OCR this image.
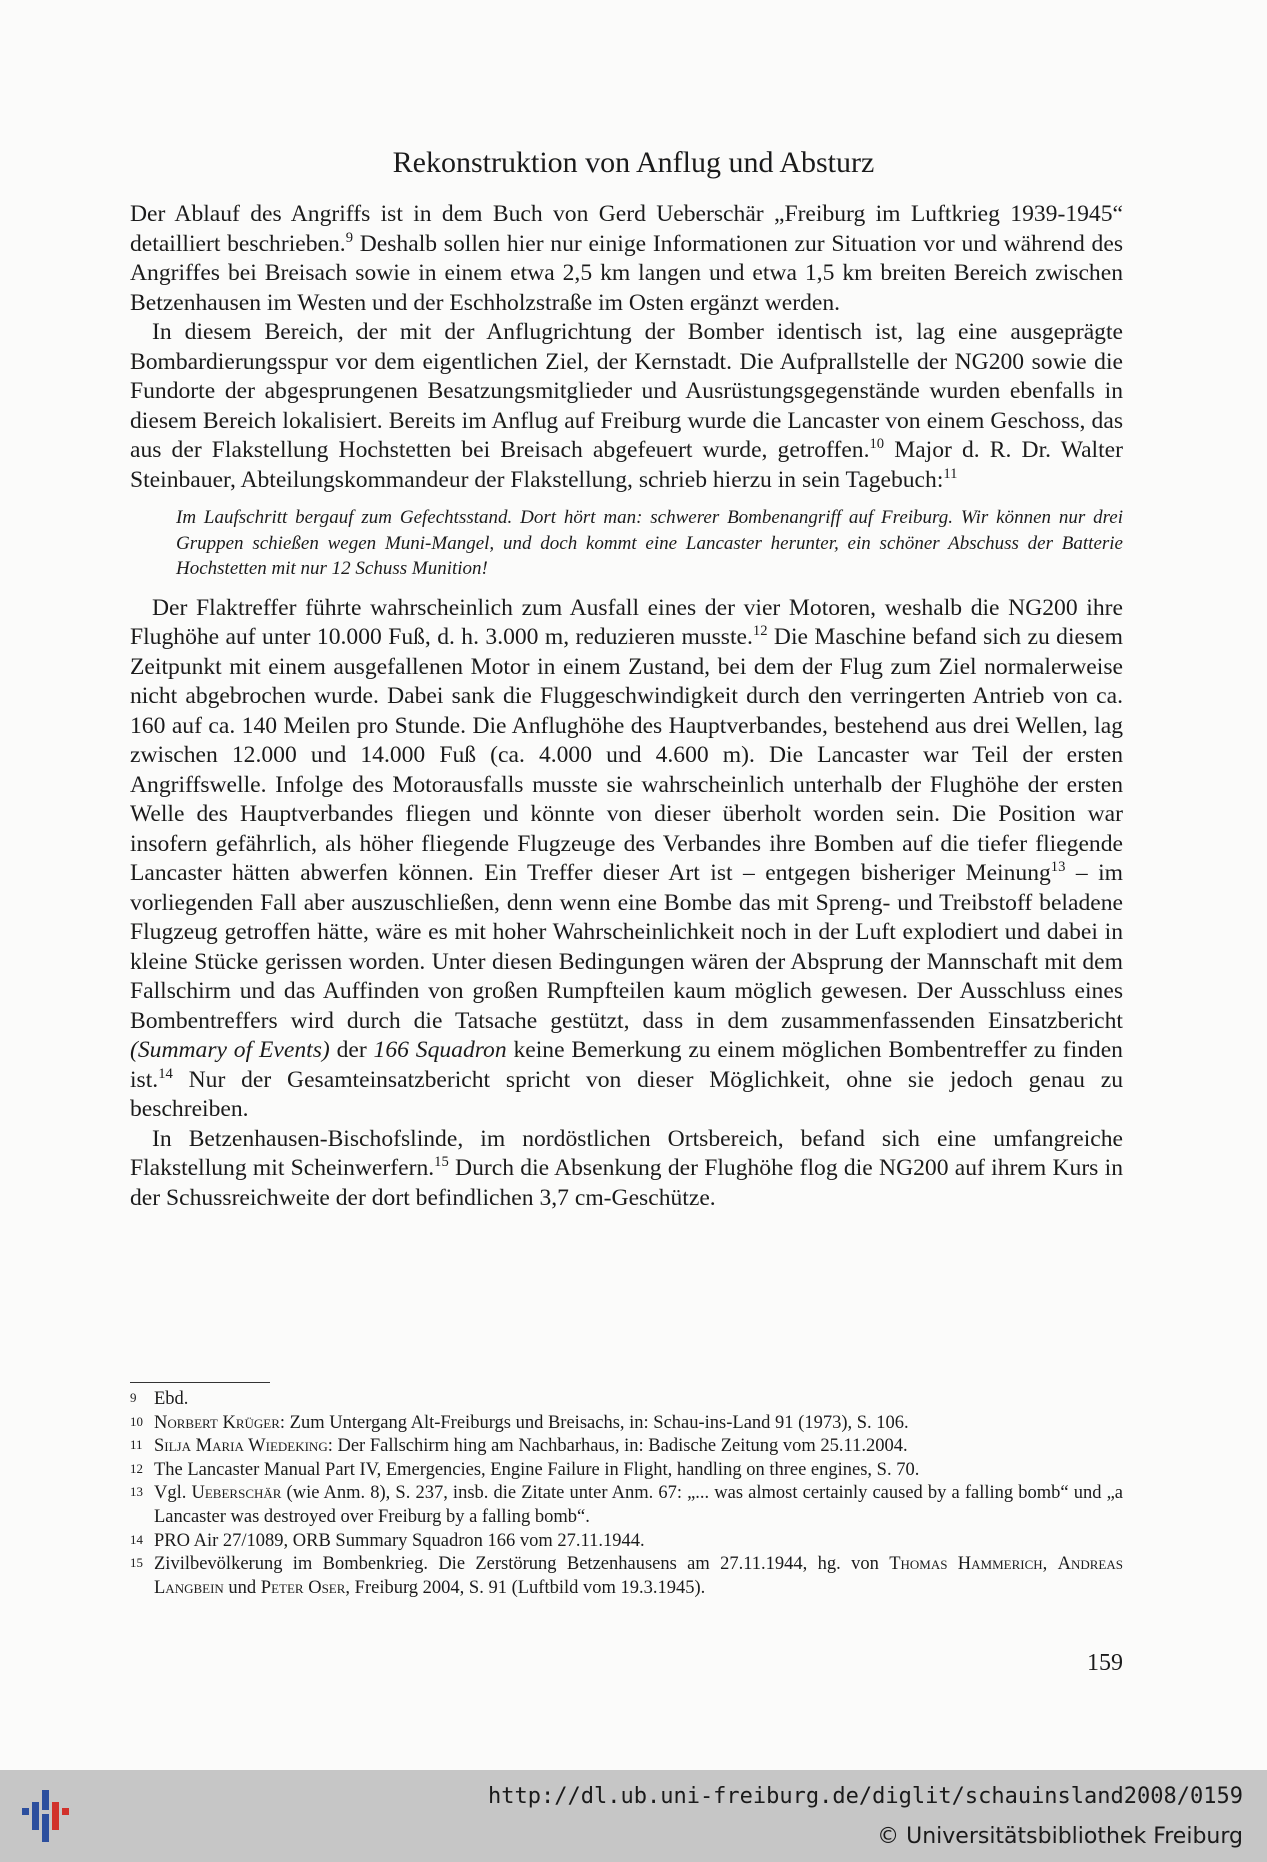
Rekonstruktion von Anflug und Absturz

Der Ablauf des Angriffs ist in dem Buch von Gerd Ueberschär „Freiburg im Luftkrieg 1939-1945“ detailliert beschrieben.$^9$ Deshalb sollen hier nur einige Informationen zur Situation vor und während des Angriffes bei Breisach sowie in einem etwa 2,5 km langen und etwa 1,5 km breiten Bereich zwischen Betzenhausen im Westen und der Eschholzstraße im Osten ergänzt werden.

In diesem Bereich, der mit der Anflugrichtung der Bomber identisch ist, lag eine ausgeprägte Bombardierungsspur vor dem eigentlichen Ziel, der Kernstadt. Die Aufprallstelle der NG200 sowie die Fundorte der abgesprungenen Besatzungsmitglieder und Ausrüstungsgegenstände wurden ebenfalls in diesem Bereich lokalisiert. Bereits im Anflug auf Freiburg wurde die Lancaster von einem Geschoss, das aus der Flakstellung Hochstetten bei Breisach abgefeuert wurde, getroffen.$^{10}$ Major d. R. Dr. Walter Steinbauer, Abteilungskommandeur der Flakstellung, schrieb hierzu in sein Tagebuch:$^{11}$

Im Laufschritt bergauf zum Gefechtsstand. Dort hört man: schwerer Bombenangriff auf Freiburg. Wir können nur drei Gruppen schießen wegen Muni-Mangel, und doch kommt eine Lancaster herunter, ein schöner Abschuss der Batterie Hochstetten mit nur 12 Schuss Munition!

Der Flaktreffer führte wahrscheinlich zum Ausfall eines der vier Motoren, weshalb die NG200 ihre Flughöhe auf unter 10.000 Fuß, d. h. 3.000 m, reduzieren musste.$^{12}$ Die Maschine befand sich zu diesem Zeitpunkt mit einem ausgefallenen Motor in einem Zustand, bei dem der Flug zum Ziel normalerweise nicht abgebrochen wurde. Dabei sank die Fluggeschwindigkeit durch den verringerten Antrieb von ca. 160 auf ca. 140 Meilen pro Stunde. Die Anflughöhe des Hauptverbandes, bestehend aus drei Wellen, lag zwischen 12.000 und 14.000 Fuß (ca. 4.000 und 4.600 m). Die Lancaster war Teil der ersten Angriffswelle. Infolge des Motorausfalls musste sie wahrscheinlich unterhalb der Flughöhe der ersten Welle des Hauptverbandes fliegen und könnte von dieser überholt worden sein. Die Position war insofern gefährlich, als höher fliegende Flugzeuge des Verbandes ihre Bomben auf die tiefer fliegende Lancaster hätten abwerfen können. Ein Treffer dieser Art ist – entgegen bisheriger Meinung$^{13}$ – im vorliegenden Fall aber auszuschließen, denn wenn eine Bombe das mit Spreng- und Treibstoff beladene Flugzeug getroffen hätte, wäre es mit hoher Wahrscheinlichkeit noch in der Luft explodiert und dabei in kleine Stücke gerissen worden. Unter diesen Bedingungen wären der Absprung der Mannschaft mit dem Fallschirm und das Auffinden von großen Rumpfteilen kaum möglich gewesen. Der Ausschluss eines Bombentreffers wird durch die Tatsache gestützt, dass in dem zusammenfassenden Einsatzbericht (Summary of Events) der 166 Squadron keine Bemerkung zu einem möglichen Bombentreffer zu finden ist.$^{14}$ Nur der Gesamteinsatzbericht spricht von dieser Möglichkeit, ohne sie jedoch genau zu beschreiben.

In Betzenhausen-Bischofslinde, im nordöstlichen Ortsbereich, befand sich eine umfangreiche Flakstellung mit Scheinwerfern.$^{15}$ Durch die Absenkung der Flughöhe flog die NG200 auf ihrem Kurs in der Schussreichweite der dort befindlichen 3,7 cm-Geschütze.

9 Ebd.
10 Norbert Krüger: Zum Untergang Alt-Freiburgs und Breisachs, in: Schau-ins-Land 91 (1973), S. 106.
11 Silja Maria Wiedeking: Der Fallschirm hing am Nachbarhaus, in: Badische Zeitung vom 25.11.2004.
12 The Lancaster Manual Part IV, Emergencies, Engine Failure in Flight, handling on three engines, S. 70.
13 Vgl. Ueberschär (wie Anm. 8), S. 237, insb. die Zitate unter Anm. 67: „... was almost certainly caused by a falling bomb“ und „a Lancaster was destroyed over Freiburg by a falling bomb“.
14 PRO Air 27/1089, ORB Summary Squadron 166 vom 27.11.1944.
15 Zivilbevölkerung im Bombenkrieg. Die Zerstörung Betzenhausens am 27.11.1944, hg. von Thomas Hammerich, Andreas Langbein und Peter Oser, Freiburg 2004, S. 91 (Luftbild vom 19.3.1945).
159
http://dl.ub.uni-freiburg.de/diglit/schauinsland2008/0159
© Universitätsbibliothek Freiburg
